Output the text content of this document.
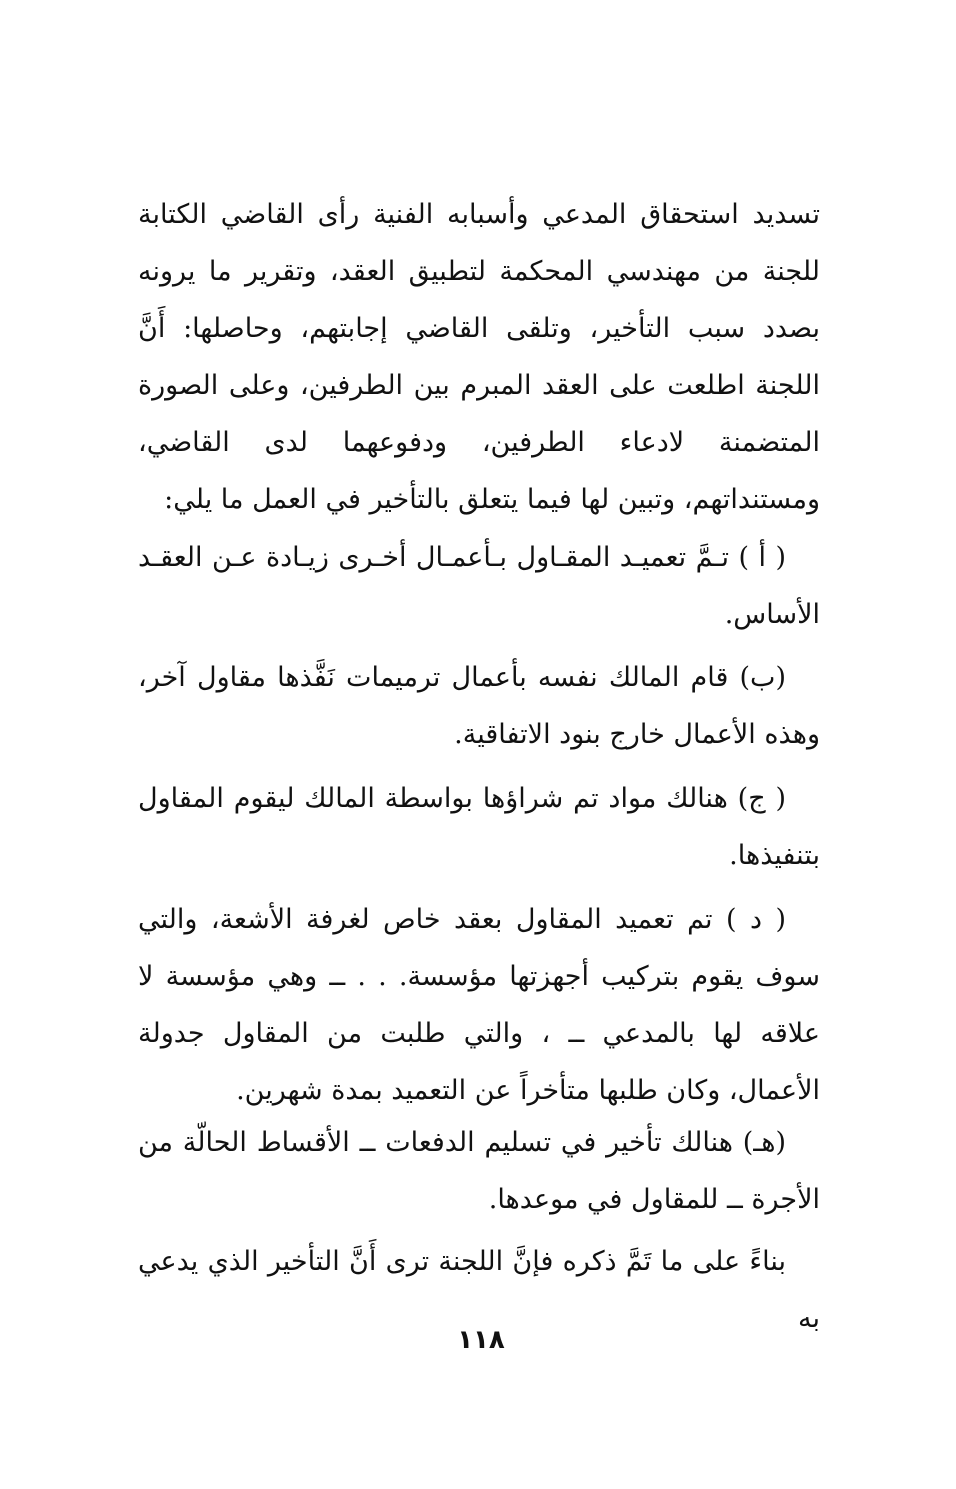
تسديد استحقاق المدعي وأسبابه الفنية رأى القاضي الكتابة للجنة من مهندسي المحكمة لتطبيق العقد، وتقرير ما يرونه بصدد سبب التأخير، وتلقى القاضي إجابتهم، وحاصلها: أَنَّ اللجنة اطلعت على العقد المبرم بين الطرفين، وعلى الصورة المتضمنة لادعاء الطرفين، ودفوعهما لدى القاضي، ومستنداتهم، وتبين لها فيما يتعلق بالتأخير في العمل ما يلي:

( أ ) تـمَّ تعميـد المقـاول بـأعمـال أخـرى زيـادة عـن العقـد الأساس.

(ب) قام المالك نفسه بأعمال ترميمات نَفَّذها مقاول آخر، وهذه الأعمال خارج بنود الاتفاقية.

( ج) هنالك مواد تم شراؤها بواسطة المالك ليقوم المقاول بتنفيذها.

( د ) تم تعميد المقاول بعقد خاص لغرفة الأشعة، والتي سوف يقوم بتركيب أجهزتها مؤسسة. . . ــ وهي مؤسسة لا علاقه لها بالمدعي ــ ، والتي طلبت من المقاول جدولة الأعمال، وكان طلبها متأخراً عن التعميد بمدة شهرين.

(هـ) هنالك تأخير في تسليم الدفعات ــ الأقساط الحالّة من الأجرة ــ للمقاول في موعدها.

بناءً على ما تَمَّ ذكره فإنَّ اللجنة ترى أَنَّ التأخير الذي يدعي به

١١٨
